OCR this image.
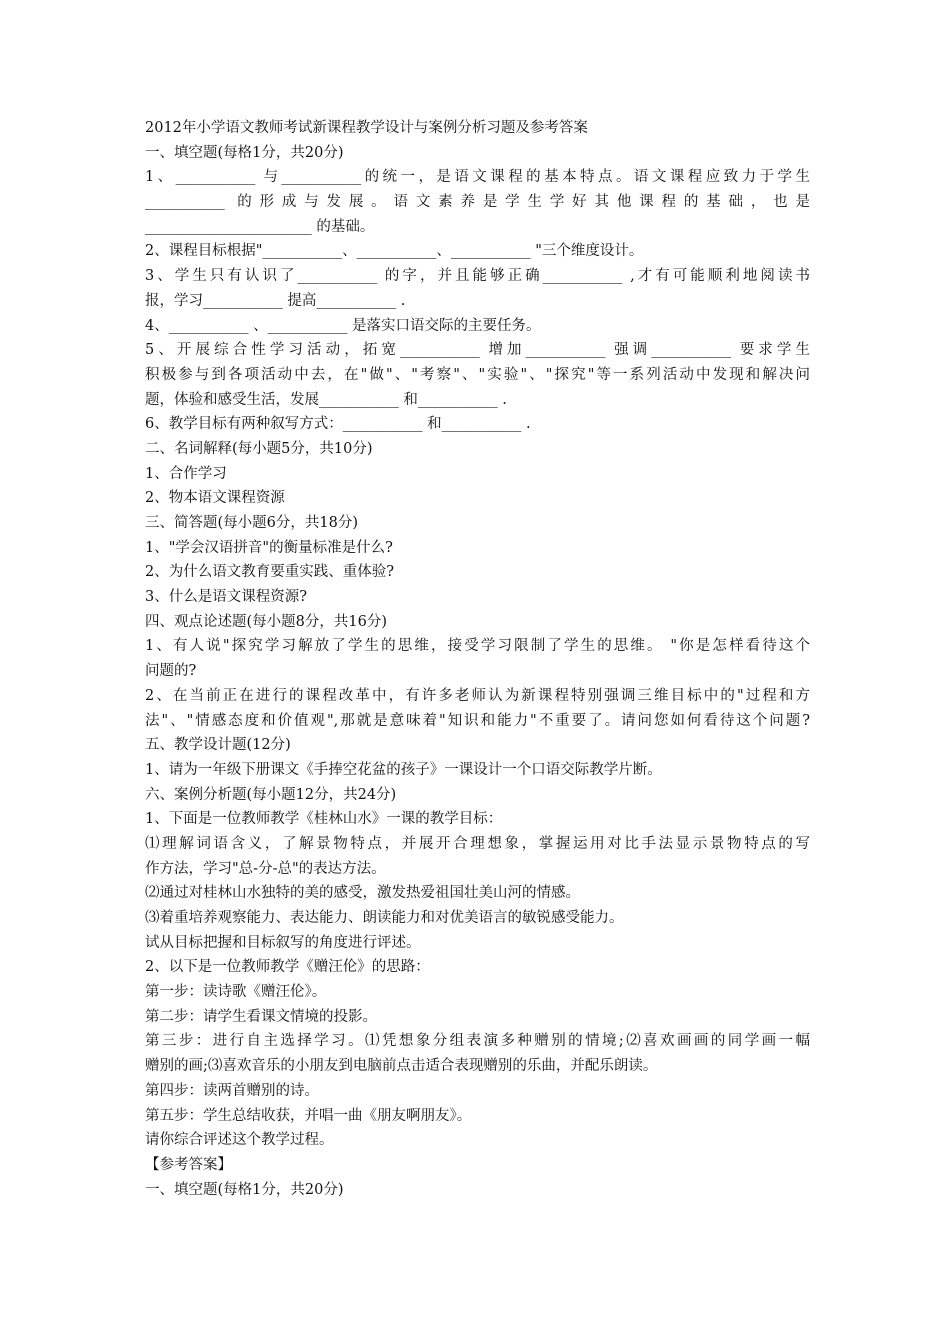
2012年小学语文教师考试新课程教学设计与案例分析习题及参考答案
一、填空题(每格1分，共20分)
1、___________ 与___________的统一，是语文课程的基本特点。语文课程应致力于学生
___________ 的形成与发展。语文素养是学生学好其他课程的基础，也是
_______________________ 的基础。
2、课程目标根据"___________、___________、___________ "三个维度设计。
3、学生只有认识了___________ 的字，并且能够正确___________ ,才有可能顺利地阅读书
报，学习___________ 提高___________ .
4、___________ 、___________ 是落实口语交际的主要任务。
5、开展综合性学习活动，拓宽___________ 增加___________ 强调___________ 要求学生
积极参与到各项活动中去，在"做"、"考察"、"实验"、"探究"等一系列活动中发现和解决问
题，体验和感受生活，发展___________ 和___________ .
6、教学目标有两种叙写方式：___________ 和___________ .
二、名词解释(每小题5分，共10分)
1、合作学习
2、物本语文课程资源
三、简答题(每小题6分，共18分)
1、"学会汉语拼音"的衡量标准是什么?
2、为什么语文教育要重实践、重体验?
3、什么是语文课程资源?
四、观点论述题(每小题8分，共16分)
1、有人说"探究学习解放了学生的思维，接受学习限制了学生的思维。 "你是怎样看待这个
问题的?
2、在当前正在进行的课程改革中，有许多老师认为新课程特别强调三维目标中的"过程和方
法"、"情感态度和价值观",那就是意味着"知识和能力"不重要了。请问您如何看待这个问题?
五、教学设计题(12分)
1、请为一年级下册课文《手捧空花盆的孩子》一课设计一个口语交际教学片断。
六、案例分析题(每小题12分，共24分)
1、下面是一位教师教学《桂林山水》一课的教学目标：
⑴理解词语含义，了解景物特点，并展开合理想象，掌握运用对比手法显示景物特点的写
作方法，学习"总-分-总"的表达方法。
⑵通过对桂林山水独特的美的感受，激发热爱祖国壮美山河的情感。
⑶着重培养观察能力、表达能力、朗读能力和对优美语言的敏锐感受能力。
试从目标把握和目标叙写的角度进行评述。
2、以下是一位教师教学《赠汪伦》的思路：
第一步：读诗歌《赠汪伦》。
第二步：请学生看课文情境的投影。
第三步：进行自主选择学习。⑴凭想象分组表演多种赠别的情境;⑵喜欢画画的同学画一幅
赠别的画;⑶喜欢音乐的小朋友到电脑前点击适合表现赠别的乐曲，并配乐朗读。
第四步：读两首赠别的诗。
第五步：学生总结收获，并唱一曲《朋友啊朋友》。
请你综合评述这个教学过程。
【参考答案】
一、填空题(每格1分，共20分)
